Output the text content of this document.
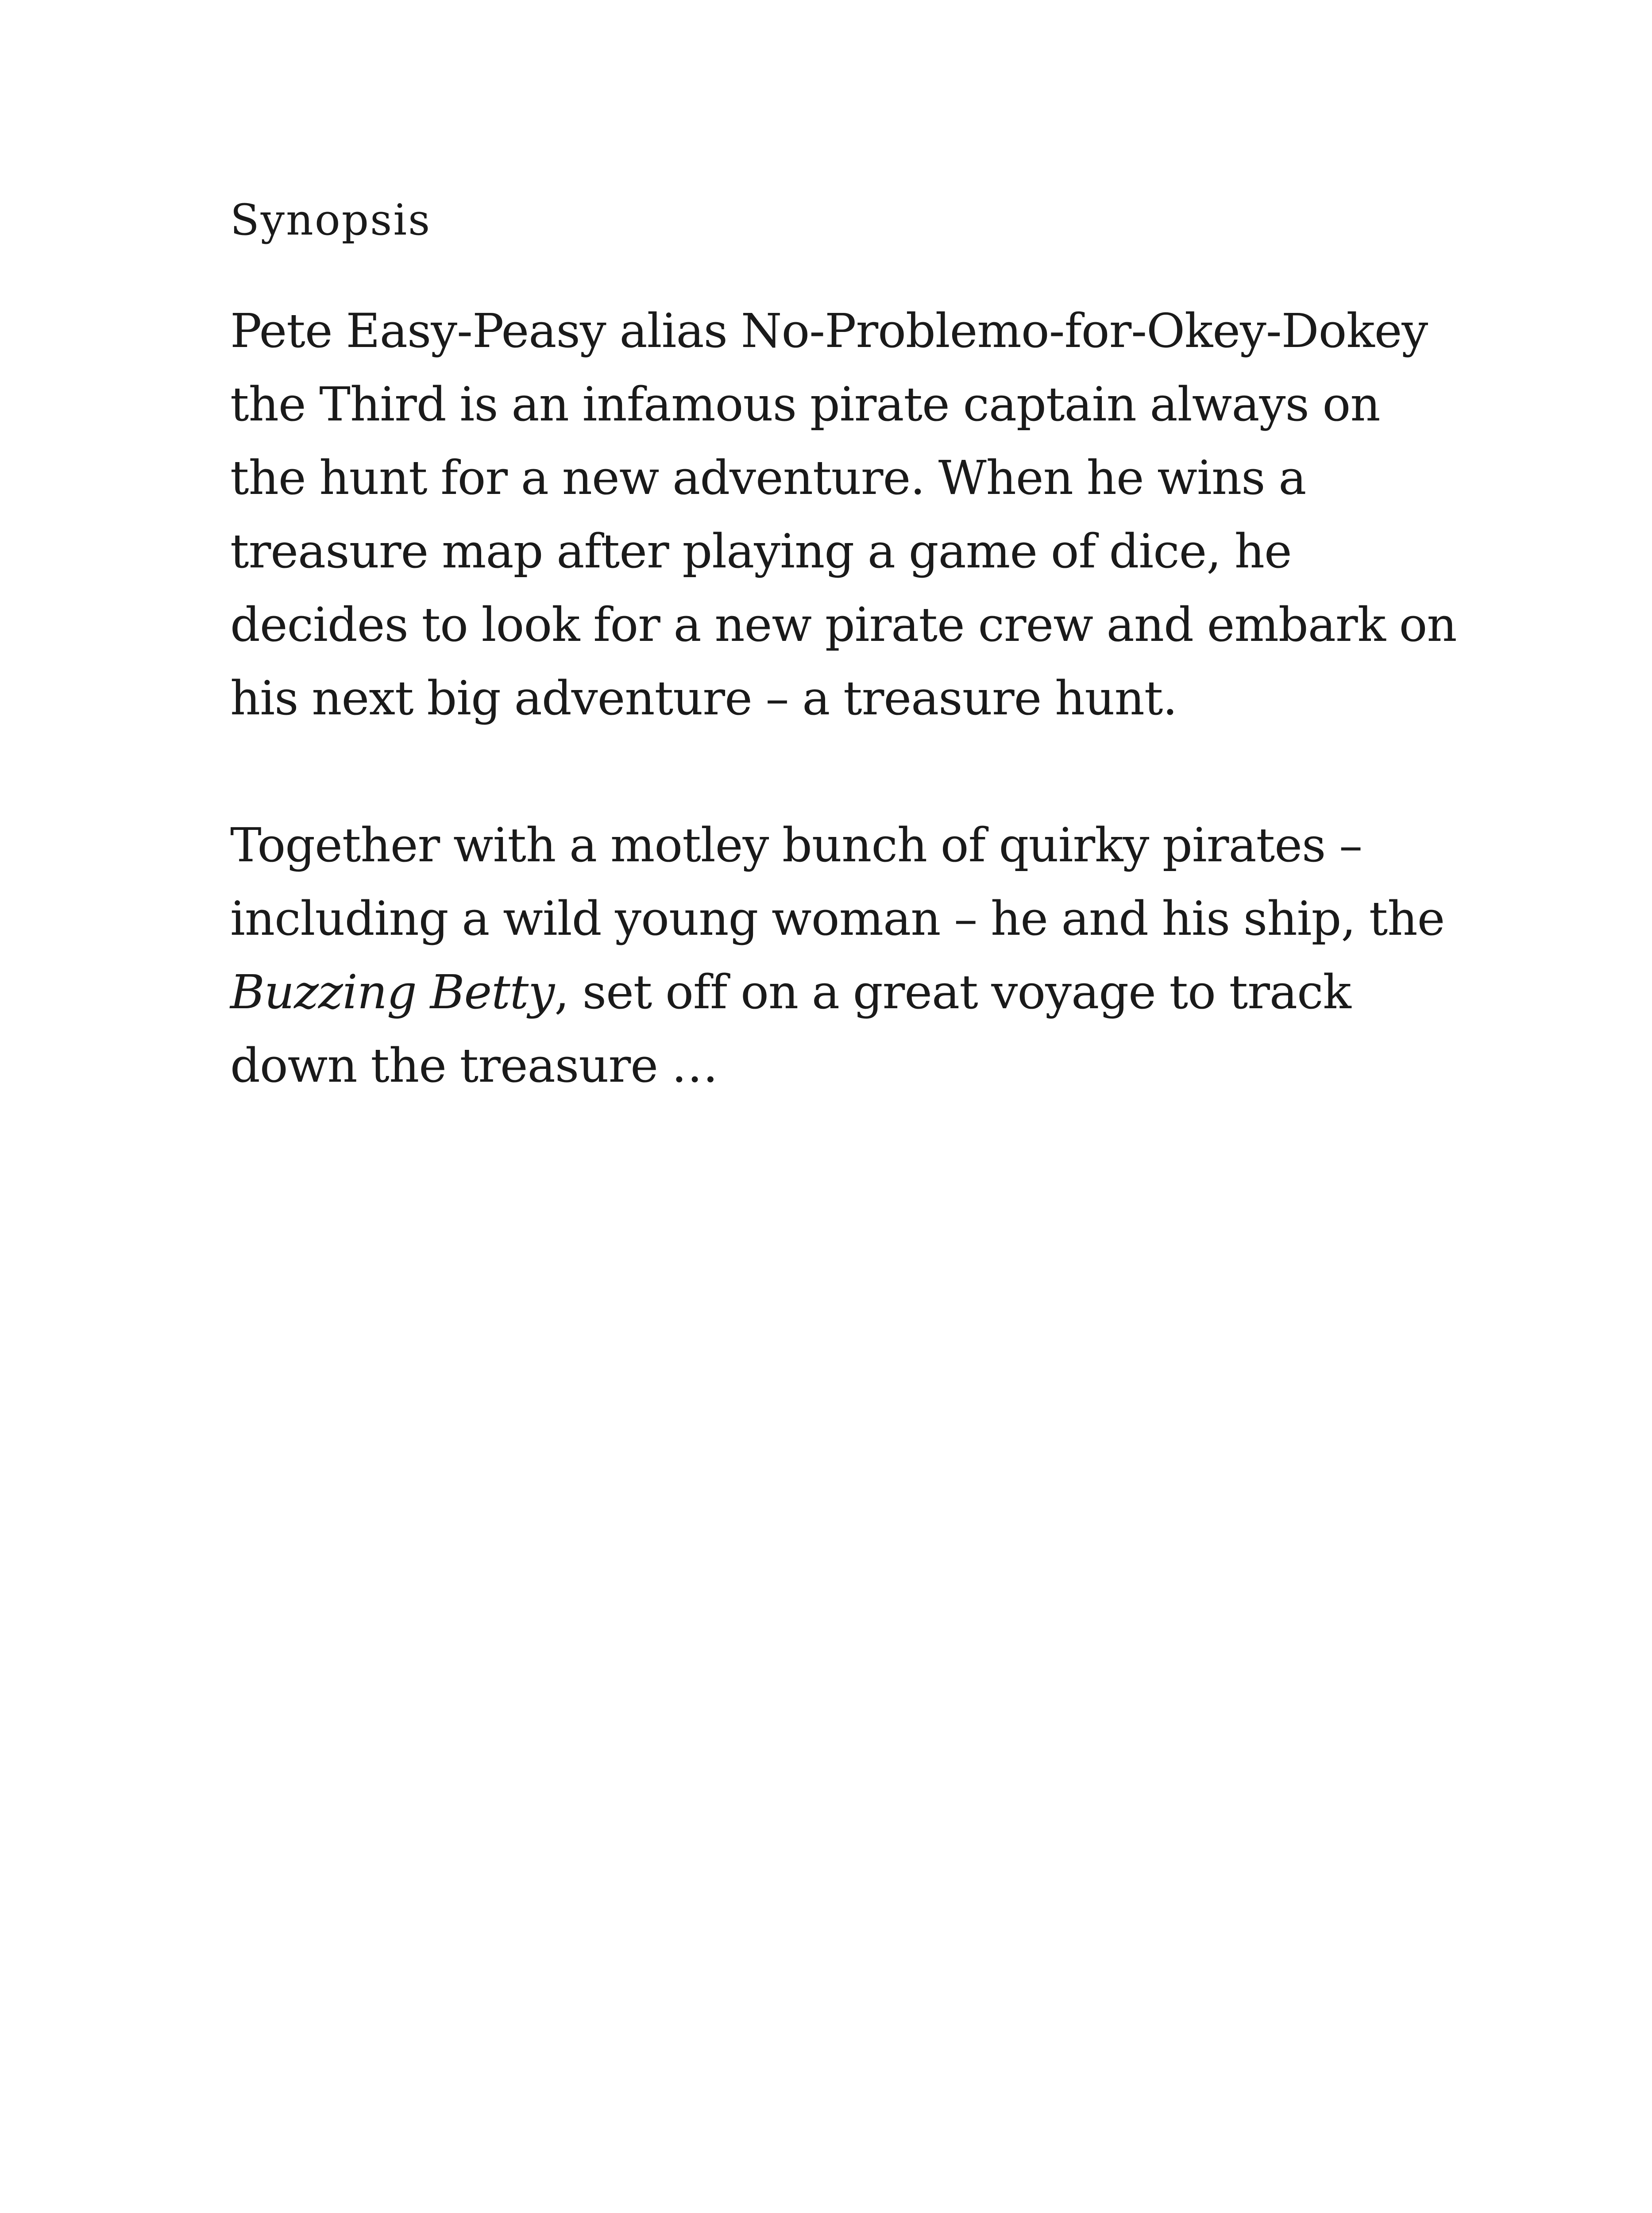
Synopsis

Pete Easy-Peasy alias No-Problemo-for-Okey-Dokey the Third is an infamous pirate captain always on the hunt for a new adventure. When he wins a treasure map after playing a game of dice, he decides to look for a new pirate crew and embark on his next big adventure – a treasure hunt.

Together with a motley bunch of quirky pirates – including a wild young woman – he and his ship, the Buzzing Betty, set off on a great voyage to track down the treasure …
